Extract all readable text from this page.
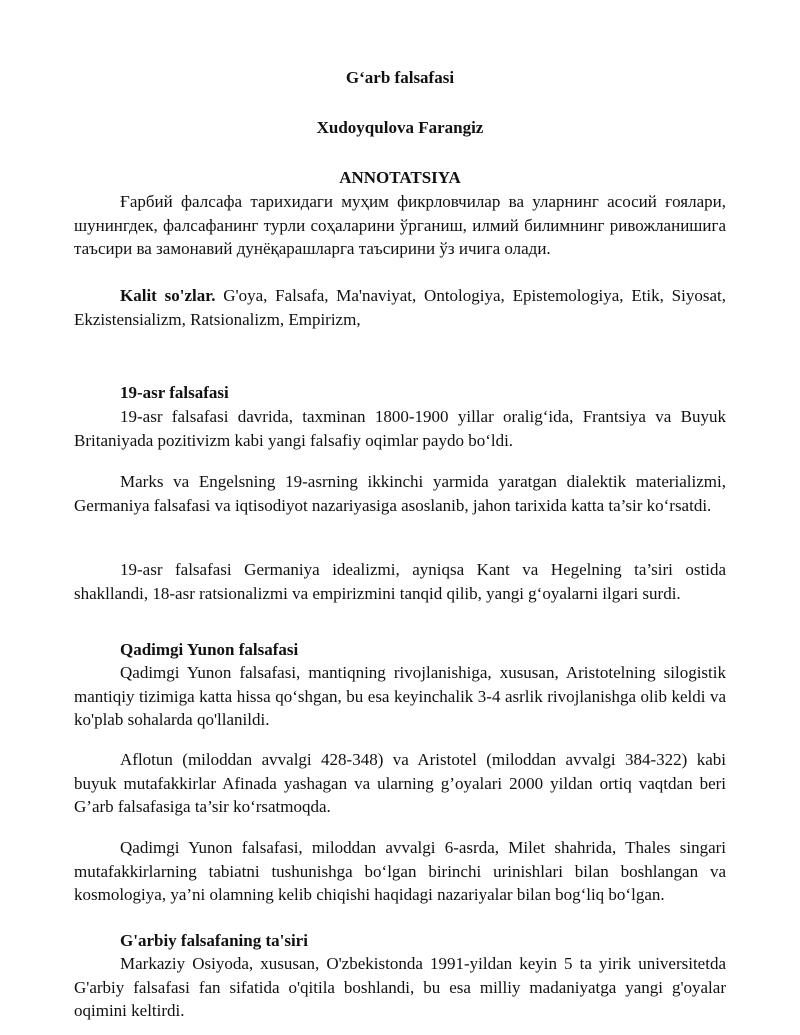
G‘arb falsafasi
Xudoyqulova Farangiz
ANNOTATSIYA
Ғарбий фалсафа тарихидаги муҳим фикрловчилар ва уларнинг асосий ғоялари, шунингдек, фалсафанинг турли соҳаларини ўрганиш, илмий билимнинг ривожланишига таъсири ва замонавий дунёқарашларга таъсирини ўз ичига олади.
Kalit so'zlar. G'oya, Falsafa, Ma'naviyat, Ontologiya, Epistemologiya, Etik, Siyosat, Ekzistensializm, Ratsionalizm, Empirizm,
19-asr falsafasi
19-asr falsafasi davrida, taxminan 1800-1900 yillar oralig‘ida, Frantsiya va Buyuk Britaniyada pozitivizm kabi yangi falsafiy oqimlar paydo bo‘ldi.
Marks va Engelsning 19-asrning ikkinchi yarmida yaratgan dialektik materializmi, Germaniya falsafasi va iqtisodiyot nazariyasiga asoslanib, jahon tarixida katta ta’sir ko‘rsatdi.
19-asr falsafasi Germaniya idealizmi, ayniqsa Kant va Hegelning ta’siri ostida shakllandi, 18-asr ratsionalizmi va empirizmini tanqid qilib, yangi g‘oyalarni ilgari surdi.
Qadimgi Yunon falsafasi
Qadimgi Yunon falsafasi, mantiqning rivojlanishiga, xususan, Aristotelning silogistik mantiqiy tizimiga katta hissa qo‘shgan, bu esa keyinchalik 3-4 asrlik rivojlanishga olib keldi va ko'plab sohalarda qo'llanildi.
Aflotun (miloddan avvalgi 428-348) va Aristotel (miloddan avvalgi 384-322) kabi buyuk mutafakkirlar Afinada yashagan va ularning g’oyalari 2000 yildan ortiq vaqtdan beri G’arb falsafasiga ta’sir ko‘rsatmoqda.
Qadimgi Yunon falsafasi, miloddan avvalgi 6-asrda, Milet shahrida, Thales singari mutafakkirlarning tabiatni tushunishga bo‘lgan birinchi urinishlari bilan boshlangan va kosmologiya, ya’ni olamning kelib chiqishi haqidagi nazariyalar bilan bog‘liq bo‘lgan.
G'arbiy falsafaning ta'siri
Markaziy Osiyoda, xususan, O'zbekistonda 1991-yildan keyin 5 ta yirik universitetda G'arbiy falsafasi fan sifatida o'qitila boshlandi, bu esa milliy madaniyatga yangi g'oyalar oqimini keltirdi.
